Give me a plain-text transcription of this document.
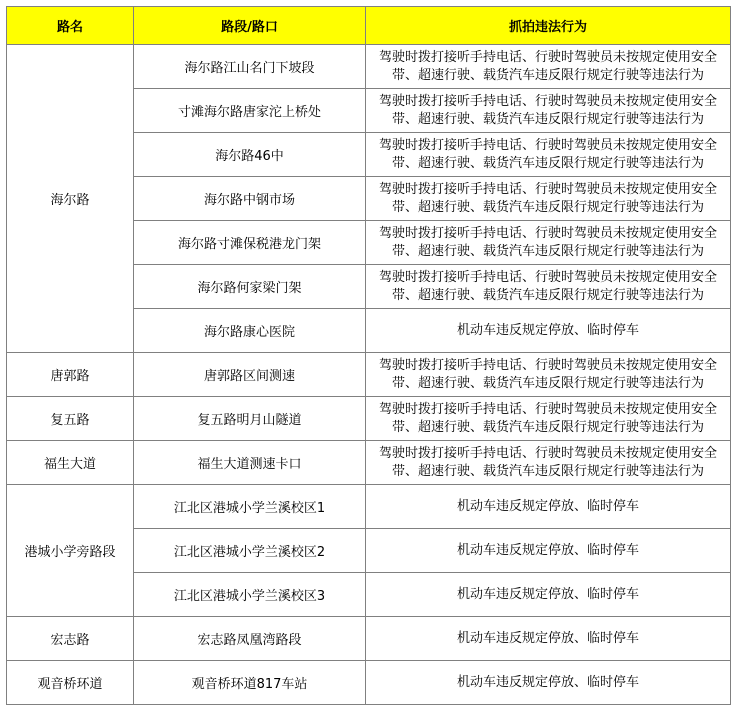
路名	路段/路口	抓拍违法行为
海尔路	海尔路江山名门下坡段	驾驶时拨打接听手持电话、行驶时驾驶员未按规定使用安全带、超速行驶、载货汽车违反限行规定行驶等违法行为
	寸滩海尔路唐家沱上桥处	驾驶时拨打接听手持电话、行驶时驾驶员未按规定使用安全带、超速行驶、载货汽车违反限行规定行驶等违法行为
	海尔路46中	驾驶时拨打接听手持电话、行驶时驾驶员未按规定使用安全带、超速行驶、载货汽车违反限行规定行驶等违法行为
	海尔路中钢市场	驾驶时拨打接听手持电话、行驶时驾驶员未按规定使用安全带、超速行驶、载货汽车违反限行规定行驶等违法行为
	海尔路寸滩保税港龙门架	驾驶时拨打接听手持电话、行驶时驾驶员未按规定使用安全带、超速行驶、载货汽车违反限行规定行驶等违法行为
	海尔路何家梁门架	驾驶时拨打接听手持电话、行驶时驾驶员未按规定使用安全带、超速行驶、载货汽车违反限行规定行驶等违法行为
	海尔路康心医院	机动车违反规定停放、临时停车
唐郭路	唐郭路区间测速	驾驶时拨打接听手持电话、行驶时驾驶员未按规定使用安全带、超速行驶、载货汽车违反限行规定行驶等违法行为
复五路	复五路明月山隧道	驾驶时拨打接听手持电话、行驶时驾驶员未按规定使用安全带、超速行驶、载货汽车违反限行规定行驶等违法行为
福生大道	福生大道测速卡口	驾驶时拨打接听手持电话、行驶时驾驶员未按规定使用安全带、超速行驶、载货汽车违反限行规定行驶等违法行为
港城小学旁路段	江北区港城小学兰溪校区1	机动车违反规定停放、临时停车
	江北区港城小学兰溪校区2	机动车违反规定停放、临时停车
	江北区港城小学兰溪校区3	机动车违反规定停放、临时停车
宏志路	宏志路凤凰湾路段	机动车违反规定停放、临时停车
观音桥环道	观音桥环道817车站	机动车违反规定停放、临时停车
